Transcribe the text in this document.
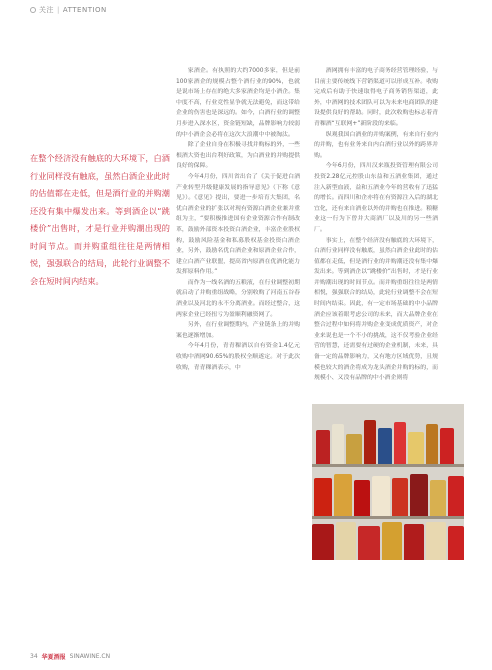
关注 | ATTENTION
在整个经济没有触底的大环境下，白酒行业同样没有触底，虽然白酒企业此时的估值都在走低，但是酒行业的并购潮还没有集中爆发出来。等到酒企以“跳楼价”出售时，才是行业并购潮出现的时间节点。而并购重组往往是两情相悦，强强联合的结局，此轮行业调整不会在短时间内结束。

家酒企。有执照的大约7000多家，但是前100家酒企的规模占整个酒行业的90%，也就是说市场上存在的绝大多家酒企均是小酒企。集中度不高，行业竞性显争就无法避免，而这带给企业的伤害也是深远的。如今，白酒行业的调整月步进入深水区，资金链短缺，品牌影响力较弱的中小酒企会必将在这次大浪潮中中被淘汰。

除了企业自身在积极寻找并购标的外，一些根酒大资也出台利好政策，为白酒业的并购提供良好的保障。

今年4月份，四川省出台了《关于促进白酒产业转型升级健康发展的指导意见》（下称《意见》）。《意见》提出，要进一步培育大集团，名优白酒企业的扩张以对现有资源白酒企业兼并重组为主，“要积极推进国有企业资源合作有制改革，鼓励外部资本投资白酒企业，丰富企业股权构，鼓励风险基金和私募股权基金投资白酒企业，另外，鼓励名优白酒企业和原酒企业合作，建立白酒产业联盟，提高省内原酒在优酒化能力发挥原料作用。”

而作为一线名酒的五粮液，在行业调整初期就启动了并购重组战略，分别收购了河南五谷春酒业以及河北的永不分离酒业。而经过整合，这两家企业已经扭亏为盈顺利融资网了。

另外，在行业调整期内，产业链条上的并购案也逐渐增加。

今年4月份，青青稞酒以自有资金1.4亿元收购中酒网90.65%的股权全顺遂定。对于此次收购，青青稞酒表示，中

酒网拥有丰富的电子商务经营管理经验，与目前主要传统线下营销渠道可以形成互补。收购完成后有助于快速取得电子商务销售渠道，此外，中酒网的技术团队可以为未来电商团队的建设提供良好的帮助。同时，此次收购也标志着青青稞酒“互联网+”新阶段的来临。

纵观我国白酒业的并购案例，有来自行业内的并购，也有业务来自内白酒行业以外的跨界并购。

今年6月份，四川汉来瓶投资管理有限公司投资2.28亿元控股山东益和五酒业集团，通过注入新型血液，益和五酒业今年的营收有了迅猛的增长。而四川和企亦将在有资源注入后的湖北宜化，还有来自酒业以外的并购也在推进。粮糖业这一行为下曾并大商酒厂以及川的另一些酒厂。

事实上，在整个经济没有触底的大环境下，白酒行业同样没有触底，虽然白酒企业此时的估值都在走低，但是酒行业的并购潮还没有集中爆发出来。等到酒企以“跳楼价”出售时，才是行业并购潮出现的时间节点。而并购重组往往是两情相悦，强强联合的结局，此轮行业调整不会在短时间内结束。因此，有一定市场基础的中小品牌酒企应该着眼考虑公司的未来，而大品牌企业在整合过程中如何将并购企业变成优质资产，对企业来说也是一个不小的挑战，这不仅考验企业经营的智慧，还需要有过硬的企业机制，未来，具备一定的品牌影响力，又有地方区域优势，且规模也较大的酒企将成为龙头酒企并购的标的，而规模小、又没有品牌的中小酒企则将

34 华夏酒报 SINAWINE.CN
